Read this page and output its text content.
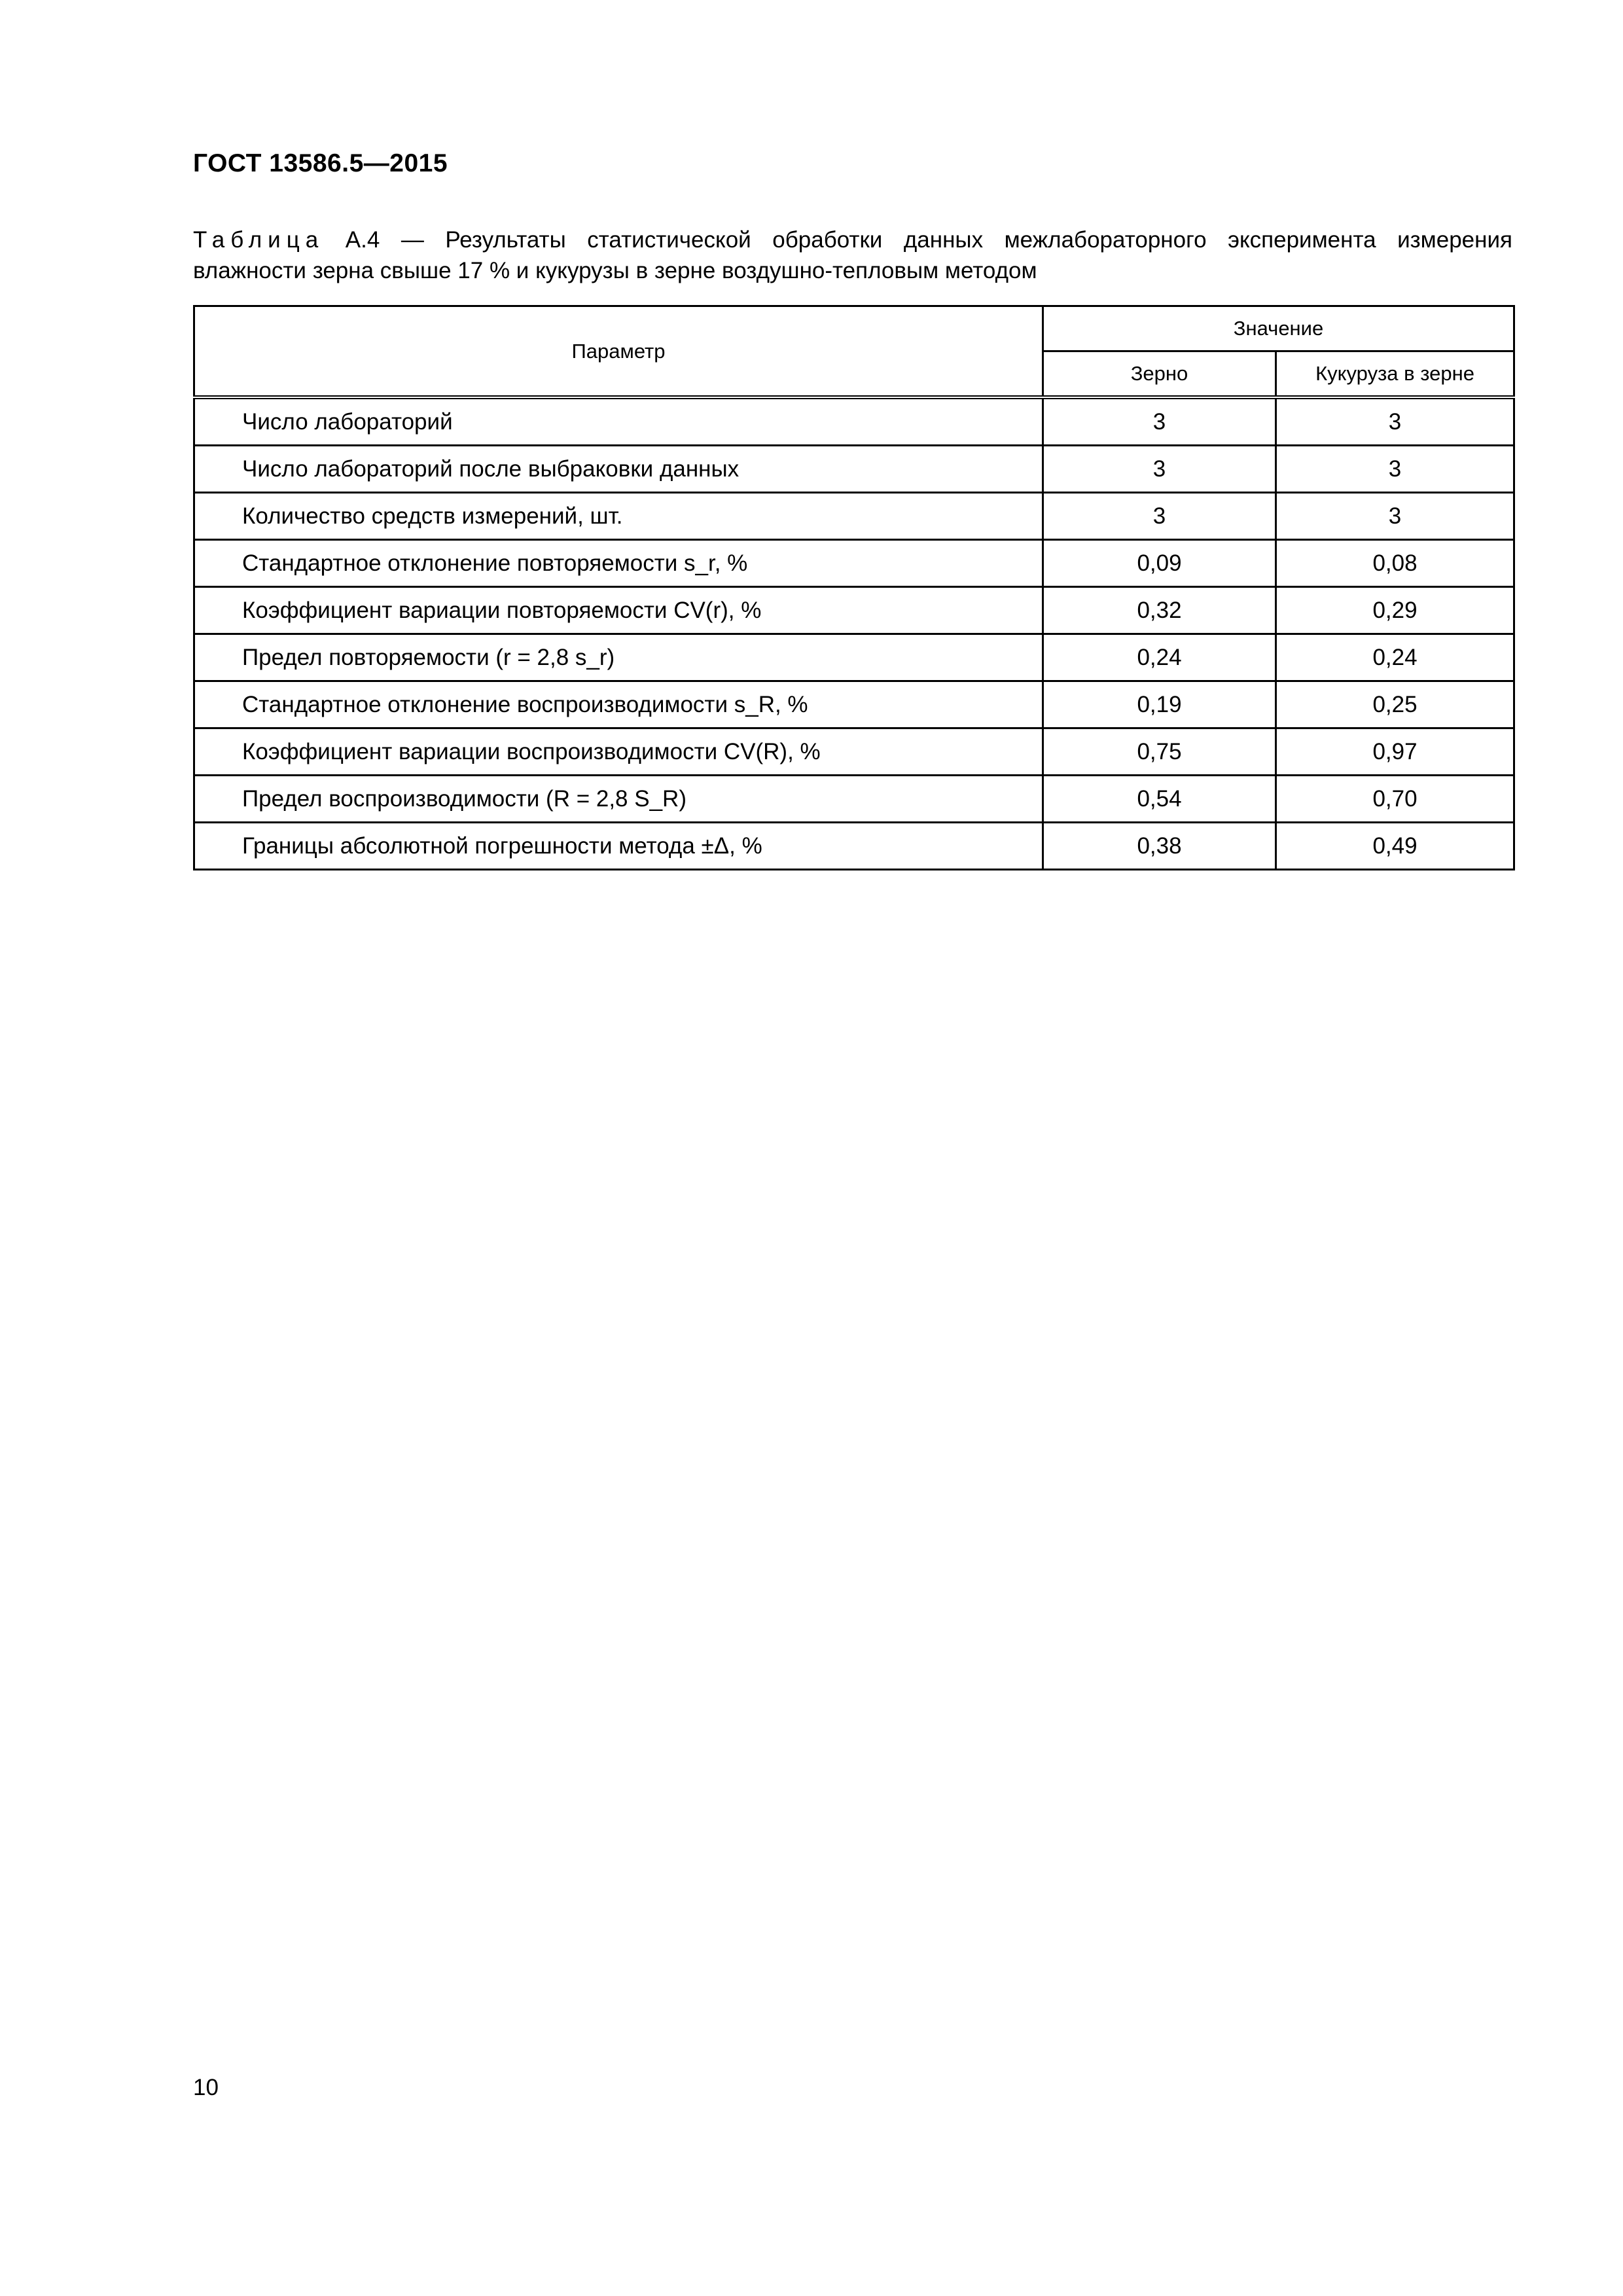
ГОСТ 13586.5—2015
Таблица А.4 — Результаты статистической обработки данных межлабораторного эксперимента измерения
влажности зерна свыше 17 % и кукурузы в зерне воздушно-тепловым методом
Параметр	Значение	
	Зерно	Кукуруза в зерне
Число лабораторий	3	3
Число лабораторий после выбраковки данных	3	3
Количество средств измерений, шт.	3	3
Стандартное отклонение повторяемости s_r, %	0,09	0,08
Коэффициент вариации повторяемости CV(r), %	0,32	0,29
Предел повторяемости (r = 2,8 s_r)	0,24	0,24
Стандартное отклонение воспроизводимости s_R, %	0,19	0,25
Коэффициент вариации воспроизводимости CV(R), %	0,75	0,97
Предел воспроизводимости (R = 2,8 S_R)	0,54	0,70
Границы абсолютной погрешности метода ±Δ, %	0,38	0,49
10
